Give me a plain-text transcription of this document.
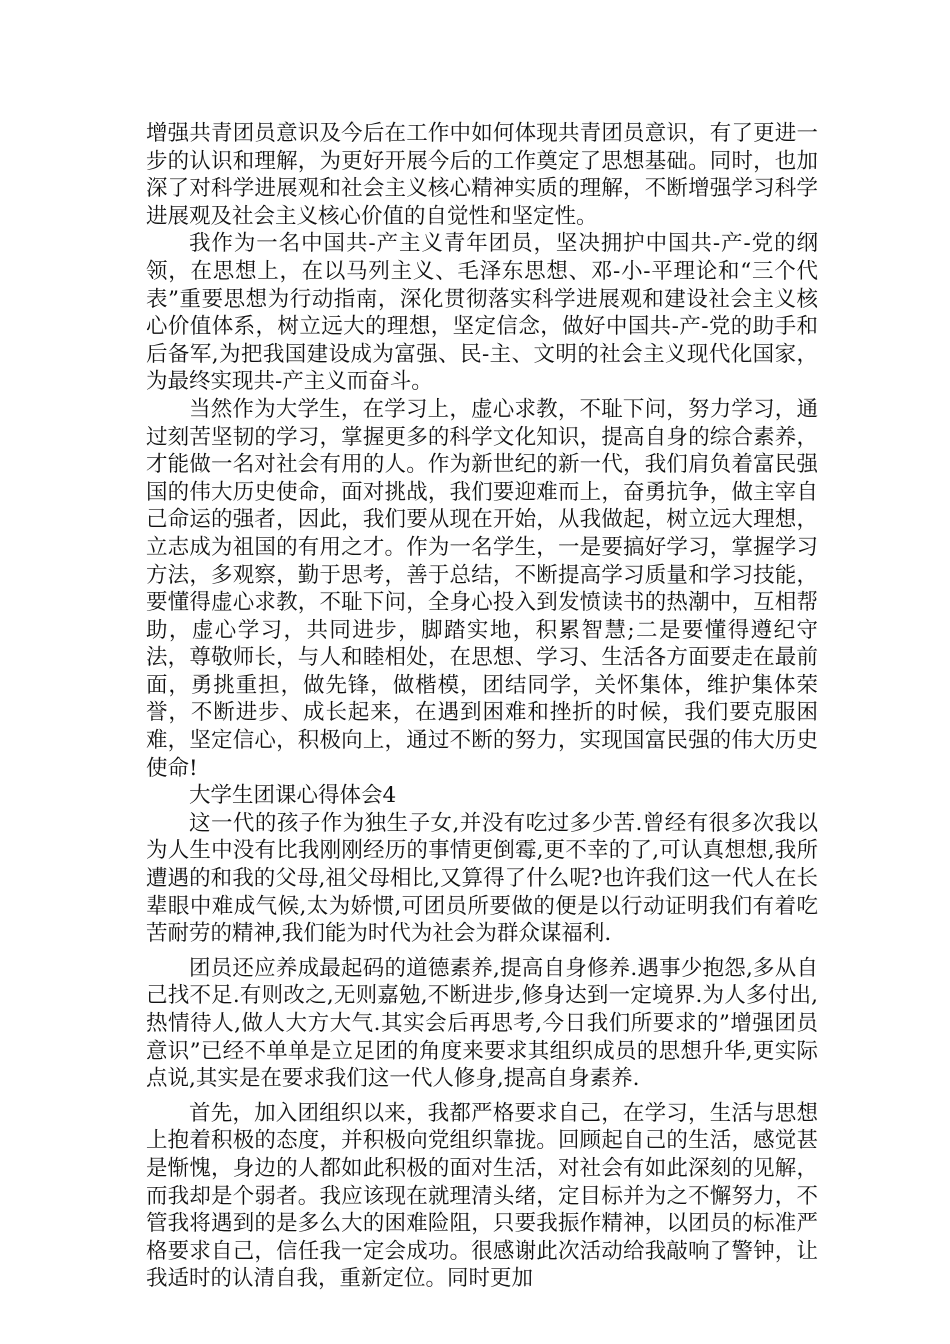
增强共青团员意识及今后在工作中如何体现共青团员意识，有了更进一步的认识和理解，为更好开展今后的工作奠定了思想基础。同时，也加深了对科学进展观和社会主义核心精神实质的理解，不断增强学习科学进展观及社会主义核心价值的自觉性和坚定性。

我作为一名中国共-产主义青年团员，坚决拥护中国共-产-党的纲领，在思想上，在以马列主义、毛泽东思想、邓-小-平理论和“三个代表”重要思想为行动指南，深化贯彻落实科学进展观和建设社会主义核心价值体系，树立远大的理想，坚定信念，做好中国共-产-党的助手和后备军,为把我国建设成为富强、民-主、文明的社会主义现代化国家，为最终实现共-产主义而奋斗。

当然作为大学生，在学习上，虚心求教，不耻下问，努力学习，通过刻苦坚韧的学习，掌握更多的科学文化知识，提高自身的综合素养，才能做一名对社会有用的人。作为新世纪的新一代，我们肩负着富民强国的伟大历史使命，面对挑战，我们要迎难而上，奋勇抗争，做主宰自己命运的强者，因此，我们要从现在开始，从我做起，树立远大理想，立志成为祖国的有用之才。作为一名学生，一是要搞好学习，掌握学习方法，多观察，勤于思考，善于总结，不断提高学习质量和学习技能，要懂得虚心求教，不耻下问，全身心投入到发愤读书的热潮中，互相帮助，虚心学习，共同进步，脚踏实地，积累智慧;二是要懂得遵纪守法，尊敬师长，与人和睦相处，在思想、学习、生活各方面要走在最前面，勇挑重担，做先锋，做楷模，团结同学，关怀集体，维护集体荣誉，不断进步、成长起来，在遇到困难和挫折的时候，我们要克服困难，坚定信心，积极向上，通过不断的努力，实现国富民强的伟大历史使命!

大学生团课心得体会4

这一代的孩子作为独生子女,并没有吃过多少苦.曾经有很多次我以为人生中没有比我刚刚经历的事情更倒霉,更不幸的了,可认真想想,我所遭遇的和我的父母,祖父母相比,又算得了什么呢?也许我们这一代人在长辈眼中难成气候,太为娇惯,可团员所要做的便是以行动证明我们有着吃苦耐劳的精神,我们能为时代为社会为群众谋福利.

团员还应养成最起码的道德素养,提高自身修养.遇事少抱怨,多从自己找不足.有则改之,无则嘉勉,不断进步,修身达到一定境界.为人多付出,热情待人,做人大方大气.其实会后再思考,今日我们所要求的”增强团员意识”已经不单单是立足团的角度来要求其组织成员的思想升华,更实际点说,其实是在要求我们这一代人修身,提高自身素养.

首先，加入团组织以来，我都严格要求自己，在学习，生活与思想上抱着积极的态度，并积极向党组织靠拢。回顾起自己的生活，感觉甚是惭愧，身边的人都如此积极的面对生活，对社会有如此深刻的见解，而我却是个弱者。我应该现在就理清头绪，定目标并为之不懈努力，不管我将遇到的是多么大的困难险阻，只要我振作精神，以团员的标准严格要求自己，信任我一定会成功。很感谢此次活动给我敲响了警钟，让我适时的认清自我，重新定位。同时更加
